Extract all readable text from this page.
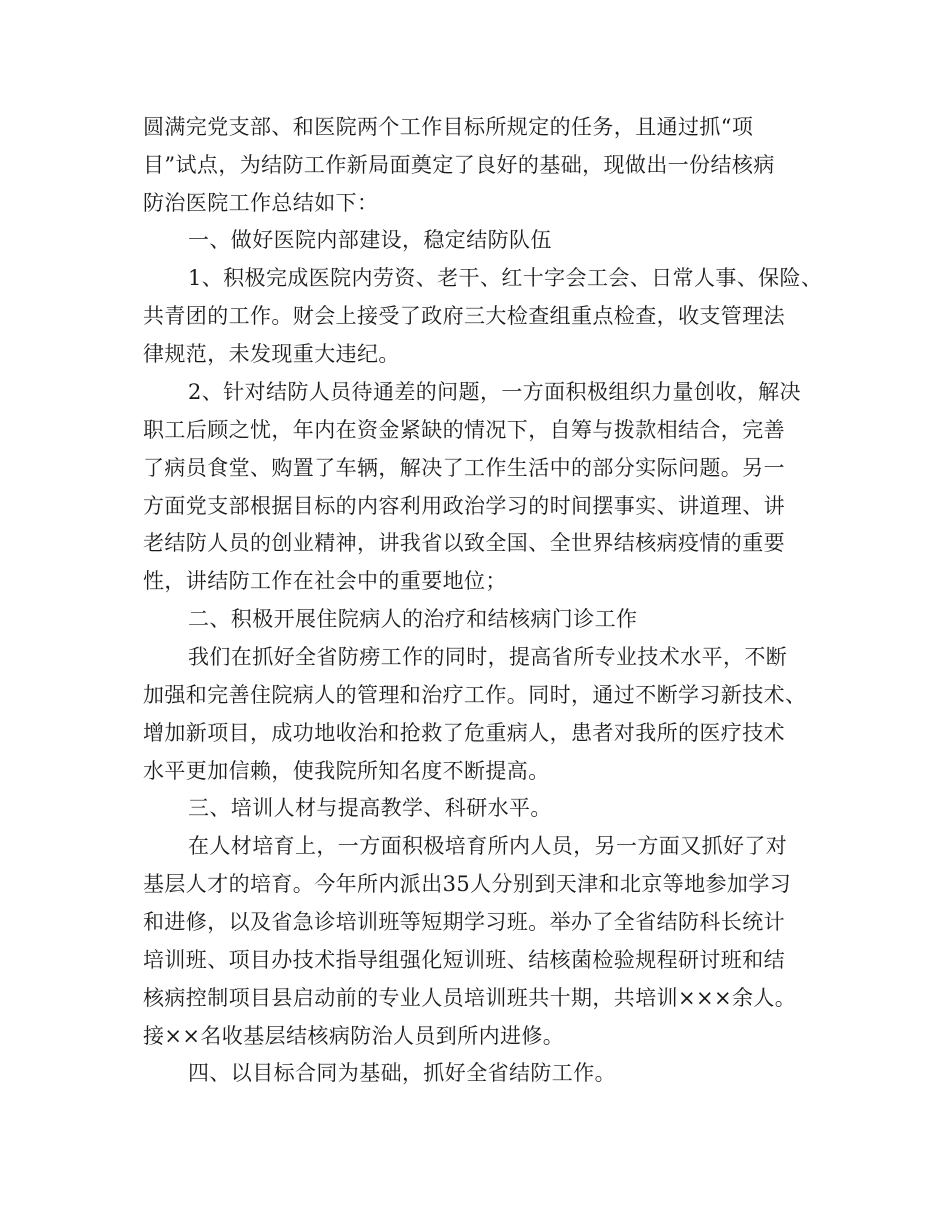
圆满完党支部、和医院两个工作目标所规定的任务，且通过抓“项
目”试点，为结防工作新局面奠定了良好的基础，现做出一份结核病
防治医院工作总结如下：
一、做好医院内部建设，稳定结防队伍
1、积极完成医院内劳资、老干、红十字会工会、日常人事、保险、
共青团的工作。财会上接受了政府三大检查组重点检查，收支管理法
律规范，未发现重大违纪。
2、针对结防人员待通差的问题，一方面积极组织力量创收，解决
职工后顾之忧，年内在资金紧缺的情况下，自筹与拨款相结合，完善
了病员食堂、购置了车辆，解决了工作生活中的部分实际问题。另一
方面党支部根据目标的内容利用政治学习的时间摆事实、讲道理、讲
老结防人员的创业精神，讲我省以致全国、全世界结核病疫情的重要
性，讲结防工作在社会中的重要地位；
二、积极开展住院病人的治疗和结核病门诊工作
我们在抓好全省防痨工作的同时，提高省所专业技术水平，不断
加强和完善住院病人的管理和治疗工作。同时，通过不断学习新技术、
增加新项目，成功地收治和抢救了危重病人，患者对我所的医疗技术
水平更加信赖，使我院所知名度不断提高。
三、培训人材与提高教学、科研水平。
在人材培育上，一方面积极培育所内人员，另一方面又抓好了对
基层人才的培育。今年所内派出35人分别到天津和北京等地参加学习
和进修，以及省急诊培训班等短期学习班。举办了全省结防科长统计
培训班、项目办技术指导组强化短训班、结核菌检验规程研讨班和结
核病控制项目县启动前的专业人员培训班共十期，共培训×××余人。
接××名收基层结核病防治人员到所内进修。
四、以目标合同为基础，抓好全省结防工作。
